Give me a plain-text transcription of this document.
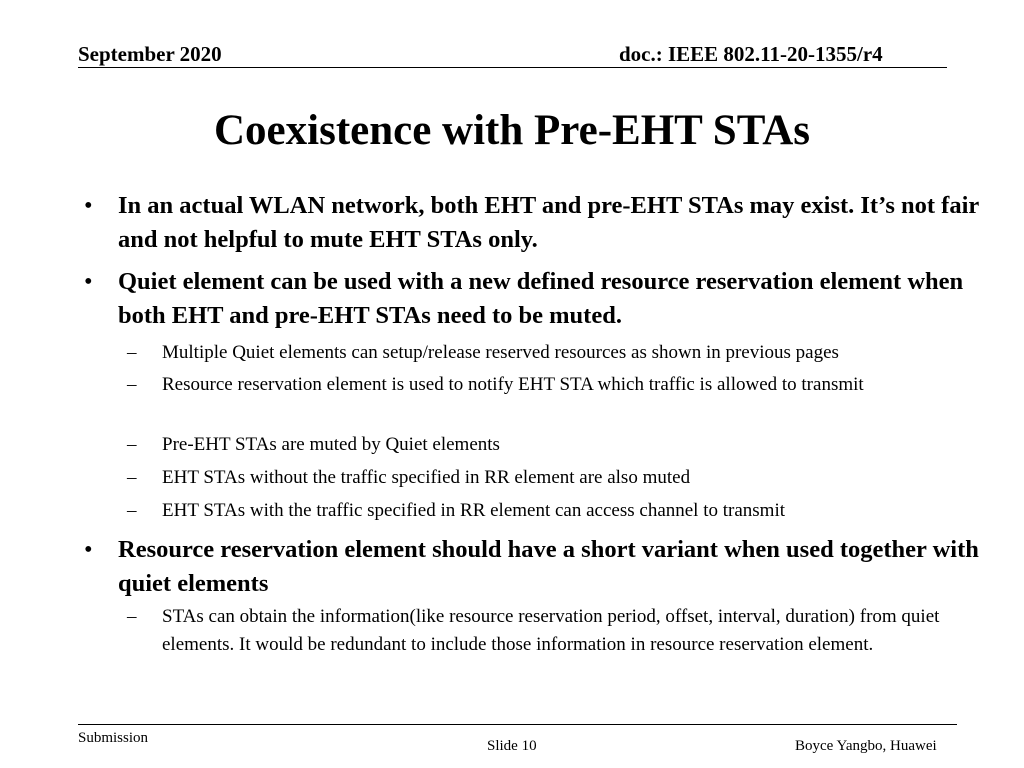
September 2020	doc.: IEEE 802.11-20-1355/r4
Coexistence with Pre-EHT STAs
• In an actual WLAN network, both EHT and pre-EHT STAs may exist. It’s not fair and not helpful to mute EHT STAs only.
• Quiet element can be used with a new defined resource reservation element when both EHT and pre-EHT STAs need to be muted.
– Multiple Quiet elements can setup/release reserved resources as shown in previous pages
– Resource reservation element is used to notify EHT STA which traffic is allowed to transmit
– Pre-EHT STAs are muted by Quiet elements
– EHT STAs without the traffic specified in RR element are also muted
– EHT STAs with the traffic specified in RR element can access channel to transmit
• Resource reservation element should have a short variant when used together with quiet elements
– STAs can obtain the information(like resource reservation period, offset, interval, duration) from quiet elements. It would be redundant to include those information in resource reservation element.
Submission	Slide 10	Boyce Yangbo, Huawei
